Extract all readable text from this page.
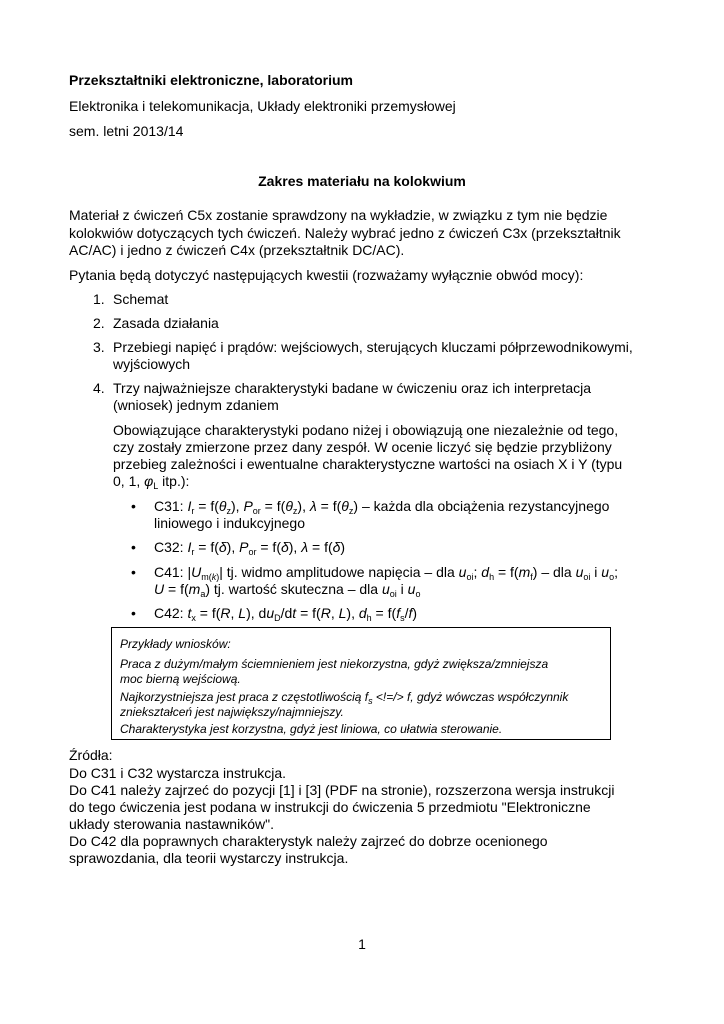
Przekształtniki elektroniczne, laboratorium
Elektronika i telekomunikacja, Układy elektroniki przemysłowej
sem. letni 2013/14
Zakres materiału na kolokwium
Materiał z ćwiczeń C5x zostanie sprawdzony na wykładzie, w związku z tym nie będzie
kolokwiów dotyczących tych ćwiczeń. Należy wybrać jedno z ćwiczeń C3x (przekształtnik
AC/AC) i jedno z ćwiczeń C4x (przekształtnik DC/AC).
Pytania będą dotyczyć następujących kwestii (rozważamy wyłącznie obwód mocy):
1. Schemat
2. Zasada działania
3. Przebiegi napięć i prądów: wejściowych, sterujących kluczami półprzewodnikowymi,
wyjściowych
4. Trzy najważniejsze charakterystyki badane w ćwiczeniu oraz ich interpretacja
(wniosek) jednym zdaniem
Obowiązujące charakterystyki podano niżej i obowiązują one niezależnie od tego,
czy zostały zmierzone przez dany zespół. W ocenie liczyć się będzie przybliżony
przebieg zależności i ewentualne charakterystyczne wartości na osiach X i Y (typu
0, 1, $\varphi_L$ itp.):
• C31: $I_r = f(\theta_z)$, $P_{or} = f(\theta_z)$, $\lambda = f(\theta_z)$ – każda dla obciążenia rezystancyjnego
liniowego i indukcyjnego
• C32: $I_r = f(\delta)$, $P_{or} = f(\delta)$, λ = f(δ)
• C41: $|U_{m(k)}|$ tj. widmo amplitudowe napięcia – dla $u_{oi}$; $d_h = f(m_f)$ – dla $u_{oi}$ i $u_o$;
$U = f(m_a)$ tj. wartość skuteczna – dla $u_{oi}$ i $u_o$
• C42: $t_x = f(R$, L), $du_D/dt = f(R$, L), $d_h = f(f_s/f)$
Przykłady wniosków:
Praca z dużym/małym ściemnieniem jest niekorzystna, gdyż zwiększa/zmniejsza
moc bierną wejściową.
Najkorzystniejsza jest praca z częstotliwością $f_s$ <!=/> f, gdyż wówczas współczynnik
zniekształceń jest największy/najmniejszy.
Charakterystyka jest korzystna, gdyż jest liniowa, co ułatwia sterowanie.
Źródła:
Do C31 i C32 wystarcza instrukcja.
Do C41 należy zajrzeć do pozycji [1] i [3] (PDF na stronie), rozszerzona wersja instrukcji
do tego ćwiczenia jest podana w instrukcji do ćwiczenia 5 przedmiotu "Elektroniczne
układy sterowania nastawników".
Do C42 dla poprawnych charakterystyk należy zajrzeć do dobrze ocenionego
sprawozdania, dla teorii wystarczy instrukcja.
1
